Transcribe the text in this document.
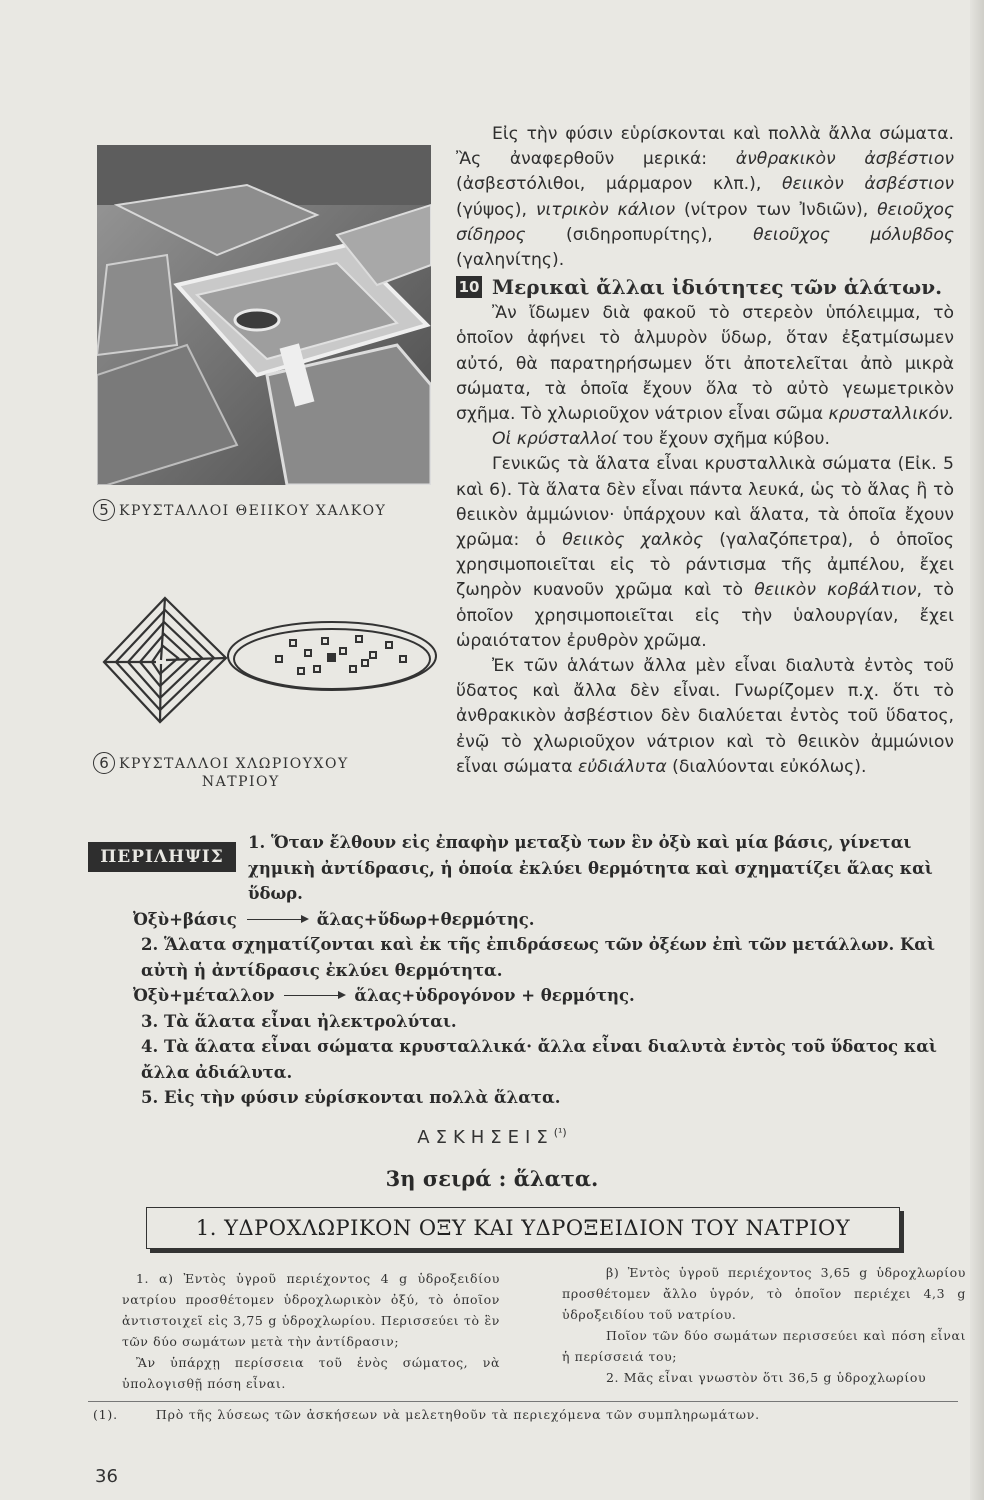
5 ΚΡΥΣΤΑΛΛΟΙ ΘΕΙΙΚΟΥ ΧΑΛΚΟΥ
6 ΚΡΥΣΤΑΛΛΟΙ ΧΛΩΡΙΟΥΧΟΥ
ΝΑΤΡΙΟΥ

Εἰς τὴν φύσιν εὑρίσκονται καὶ πολλὰ ἄλλα σώματα. Ἂς ἀναφερθοῦν μερικά: ἀνθρακικὸν ἀσβέστιον (ἀσβεστόλιθοι, μάρμαρον κλπ.), θειικὸν ἀσβέστιον (γύψος), νιτρικὸν κάλιον (νίτρον των Ἰνδιῶν), θειοῦχος σίδηρος (σιδηροπυρίτης), θειοῦχος μόλυβδος (γαληνίτης).

10 Μερικαὶ ἄλλαι ἰδιότητες τῶν ἁλάτων.

Ἂν ἴδωμεν διὰ φακοῦ τὸ στερεὸν ὑπόλειμμα, τὸ ὁποῖον ἀφήνει τὸ ἁλμυρὸν ὕδωρ, ὅταν ἐξατμίσωμεν αὐτό, θὰ παρατηρήσωμεν ὅτι ἀποτελεῖται ἀπὸ μικρὰ σώματα, τὰ ὁποῖα ἔχουν ὅλα τὸ αὐτὸ γεωμετρικὸν σχῆμα. Τὸ χλωριοῦχον νάτριον εἶναι σῶμα κρυσταλλικόν.

Οἱ κρύσταλλοί του ἔχουν σχῆμα κύβου.

Γενικῶς τὰ ἅλατα εἶναι κρυσταλλικὰ σώματα (Εἰκ. 5 καὶ 6). Τὰ ἅλατα δὲν εἶναι πάντα λευκά, ὡς τὸ ἅλας ἢ τὸ θειικὸν ἀμμώνιον· ὑπάρχουν καὶ ἅλατα, τὰ ὁποῖα ἔχουν χρῶμα: ὁ θειικὸς χαλκὸς (γαλαζόπετρα), ὁ ὁποῖος χρησιμοποιεῖται εἰς τὸ ράντισμα τῆς ἀμπέλου, ἔχει ζωηρὸν κυανοῦν χρῶμα καὶ τὸ θειικὸν κοβάλτιον, τὸ ὁποῖον χρησιμοποιεῖται εἰς τὴν ὑαλουργίαν, ἔχει ὡραιότατον ἐρυθρὸν χρῶμα.

Ἐκ τῶν ἁλάτων ἄλλα μὲν εἶναι διαλυτὰ ἐντὸς τοῦ ὕδατος καὶ ἄλλα δὲν εἶναι. Γνωρίζομεν π.χ. ὅτι τὸ ἀνθρακικὸν ἀσβέστιον δὲν διαλύεται ἐντὸς τοῦ ὕδατος, ἐνῷ τὸ χλωριοῦχον νάτριον καὶ τὸ θειικὸν ἀμμώνιον εἶναι σώματα εὐδιάλυτα (διαλύονται εὐκόλως).

ΠΕΡΙΛΗΨΙΣ

1. Ὅταν ἔλθουν εἰς ἐπαφὴν μεταξὺ των ἓν ὀξὺ καὶ μία βάσις, γίνεται χημικὴ ἀντίδρασις, ἡ ὁποία ἐκλύει θερμότητα καὶ σχηματίζει ἅλας καὶ ὕδωρ.

Ὀξὺ+βάσις	ἅλας+ὕδωρ+θερμότης.

2. Ἅλατα σχηματίζονται καὶ ἐκ τῆς ἐπιδράσεως τῶν ὀξέων ἐπὶ τῶν μετάλλων. Καὶ αὐτὴ ἡ ἀντίδρασις ἐκλύει θερμότητα.

Ὀξὺ+μέταλλον	ἅλας+ὑδρογόνον + θερμότης.

3. Τὰ ἅλατα εἶναι ἠλεκτρολύται.

4. Τὰ ἅλατα εἶναι σώματα κρυσταλλικά· ἄλλα εἶναι διαλυτὰ ἐντὸς τοῦ ὕδατος καὶ ἄλλα ἀδιάλυτα.

5. Εἰς τὴν φύσιν εὑρίσκονται πολλὰ ἅλατα.

$A\Sigma KH\Sigma EI\Sigma^{(^1)}$
3η σειρά : ἅλατα.
1. ΥΔΡΟΧΛΩΡΙΚΟΝ ΟΞΥ ΚΑΙ ΥΔΡΟΞΕΙΔΙΟΝ ΤΟΥ ΝΑΤΡΙΟΥ

1. α) Ἐντὸς ὑγροῦ περιέχοντος 4 g ὑδροξειδίου νατρίου προσθέτομεν ὑδροχλωρικὸν ὀξύ, τὸ ὁποῖον ἀντιστοιχεῖ εἰς 3,75 g ὑδροχλωρίου. Περισσεύει τὸ ἓν τῶν δύο σωμάτων μετὰ τὴν ἀντίδρασιν;

Ἂν ὑπάρχῃ περίσσεια τοῦ ἑνὸς σώματος, νὰ ὑπολογισθῇ πόση εἶναι.

β) Ἐντὸς ὑγροῦ περιέχοντος 3,65 g ὑδροχλωρίου προσθέτομεν ἄλλο ὑγρόν, τὸ ὁποῖον περιέχει 4,3 g ὑδροξειδίου τοῦ νατρίου.

Ποῖον τῶν δύο σωμάτων περισσεύει καὶ πόση εἶναι ἡ περίσσειά του;

2. Μᾶς εἶναι γνωστὸν ὅτι 36,5 g ὑδροχλωρίου

(1).	Πρὸ τῆς λύσεως τῶν ἀσκήσεων νὰ μελετηθοῦν τὰ περιεχόμενα τῶν συμπληρωμάτων.
36
